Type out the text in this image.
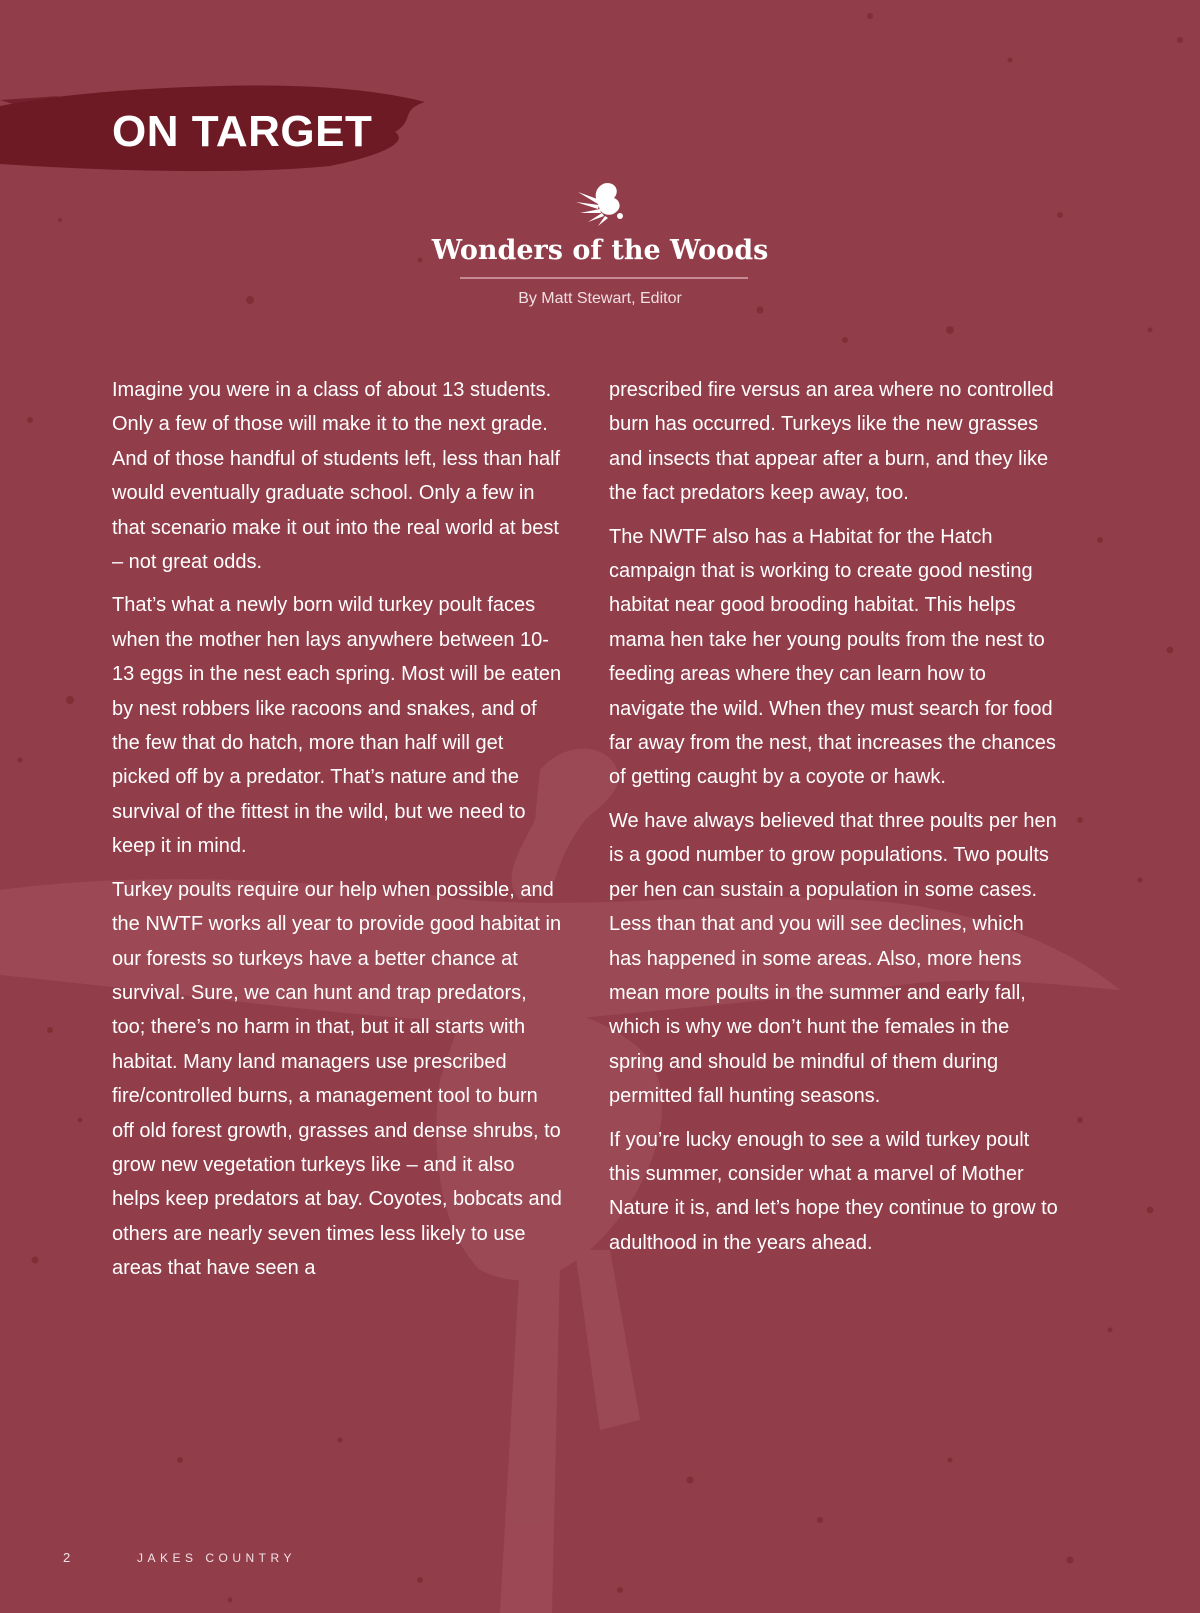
ON TARGET
Wonders of the Woods
By Matt Stewart, Editor

Imagine you were in a class of about 13 students. Only a few of those will make it to the next grade. And of those handful of students left, less than half would eventually graduate school. Only a few in that scenario make it out into the real world at best – not great odds.

That’s what a newly born wild turkey poult faces when the mother hen lays anywhere between 10-13 eggs in the nest each spring. Most will be eaten by nest robbers like racoons and snakes, and of the few that do hatch, more than half will get picked off by a predator. That’s nature and the survival of the fittest in the wild, but we need to keep it in mind.

Turkey poults require our help when possible, and the NWTF works all year to provide good habitat in our forests so turkeys have a better chance at survival. Sure, we can hunt and trap predators, too; there’s no harm in that, but it all starts with habitat. Many land managers use prescribed fire/controlled burns, a management tool to burn off old forest growth, grasses and dense shrubs, to grow new vegetation turkeys like – and it also helps keep predators at bay. Coyotes, bobcats and others are nearly seven times less likely to use areas that have seen a

prescribed fire versus an area where no controlled burn has occurred. Turkeys like the new grasses and insects that appear after a burn, and they like the fact predators keep away, too.

The NWTF also has a Habitat for the Hatch campaign that is working to create good nesting habitat near good brooding habitat. This helps mama hen take her young poults from the nest to feeding areas where they can learn how to navigate the wild. When they must search for food far away from the nest, that increases the chances of getting caught by a coyote or hawk.

We have always believed that three poults per hen is a good number to grow populations. Two poults per hen can sustain a population in some cases. Less than that and you will see declines, which has happened in some areas. Also, more hens mean more poults in the summer and early fall, which is why we don’t hunt the females in the spring and should be mindful of them during permitted fall hunting seasons.

If you’re lucky enough to see a wild turkey poult this summer, consider what a marvel of Mother Nature it is, and let’s hope they continue to grow to adulthood in the years ahead.

2	JAKES COUNTRY
